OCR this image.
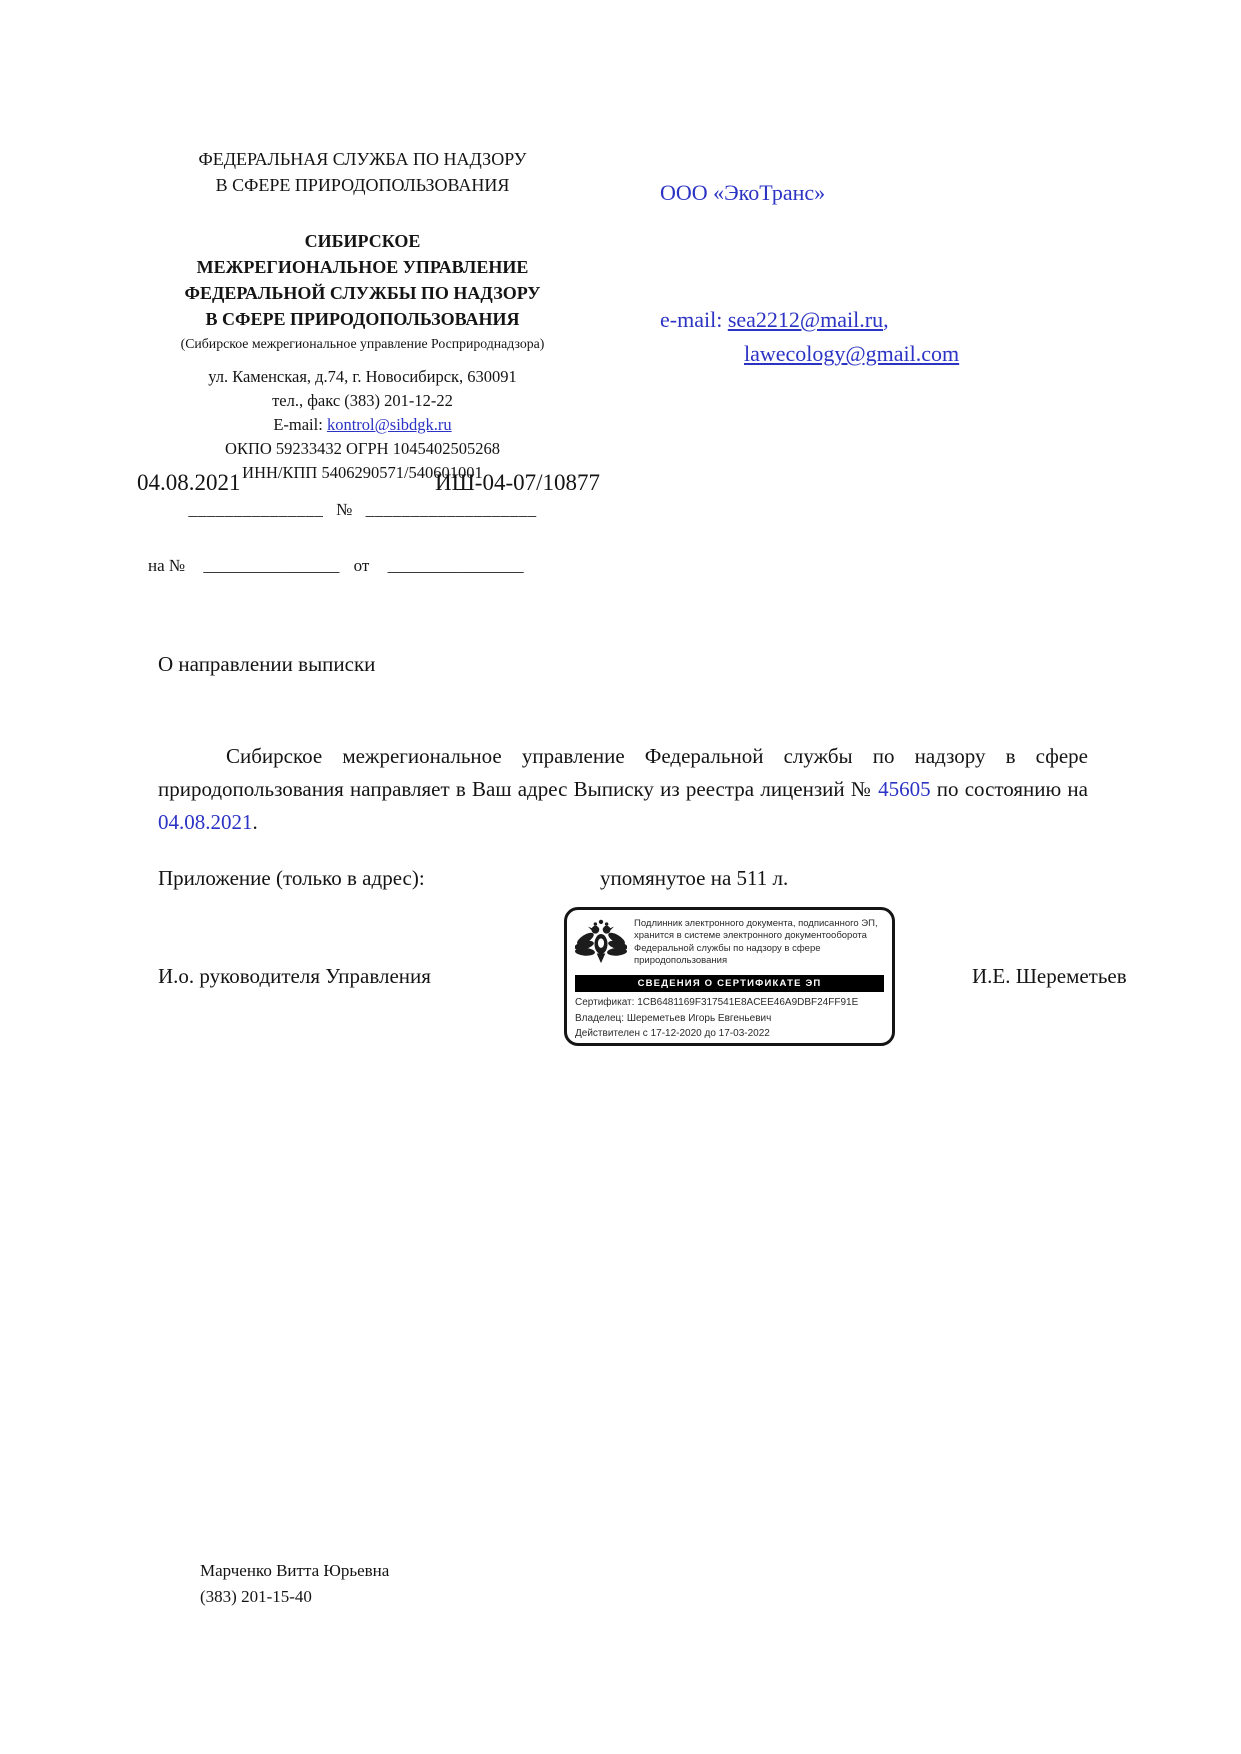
ФЕДЕРАЛЬНАЯ СЛУЖБА ПО НАДЗОРУ
В СФЕРЕ ПРИРОДОПОЛЬЗОВАНИЯ
СИБИРСКОЕ
МЕЖРЕГИОНАЛЬНОЕ УПРАВЛЕНИЕ
ФЕДЕРАЛЬНОЙ СЛУЖБЫ ПО НАДЗОРУ
В СФЕРЕ ПРИРОДОПОЛЬЗОВАНИЯ
(Сибирское межрегиональное управление Росприроднадзора)
ул. Каменская, д.74, г. Новосибирск, 630091
тел., факс (383) 201-12-22
E-mail: kontrol@sibdgk.ru
ОКПО 59233432 ОГРН 1045402505268
ИНН/КПП 5406290571/540601001
04.08.2021	ИШ-04-07/10877
_______________ № ___________________
на № ________________ от ________________
ООО «ЭкоТранс»
e-mail: sea2212@mail.ru,
lawecology@gmail.com
О направлении выписки
Сибирское межрегиональное управление Федеральной службы по надзору в сфере природопользования направляет в Ваш адрес Выписку из реестра лицензий № 45605 по состоянию на 04.08.2021.
Приложение (только в адрес):	упомянутое на 511 л.
И.о. руководителя Управления	И.Е. Шереметьев
Подлинник электронного документа, подписанного ЭП, хранится в системе электронного документооборота Федеральной службы по надзору в сфере природопользования
СВЕДЕНИЯ О СЕРТИФИКАТЕ ЭП
Сертификат: 1CB6481169F317541E8ACEE46A9DBF24FF91E
Владелец: Шереметьев Игорь Евгеньевич
Действителен с 17-12-2020 до 17-03-2022
Марченко Витта Юрьевна
(383) 201-15-40
